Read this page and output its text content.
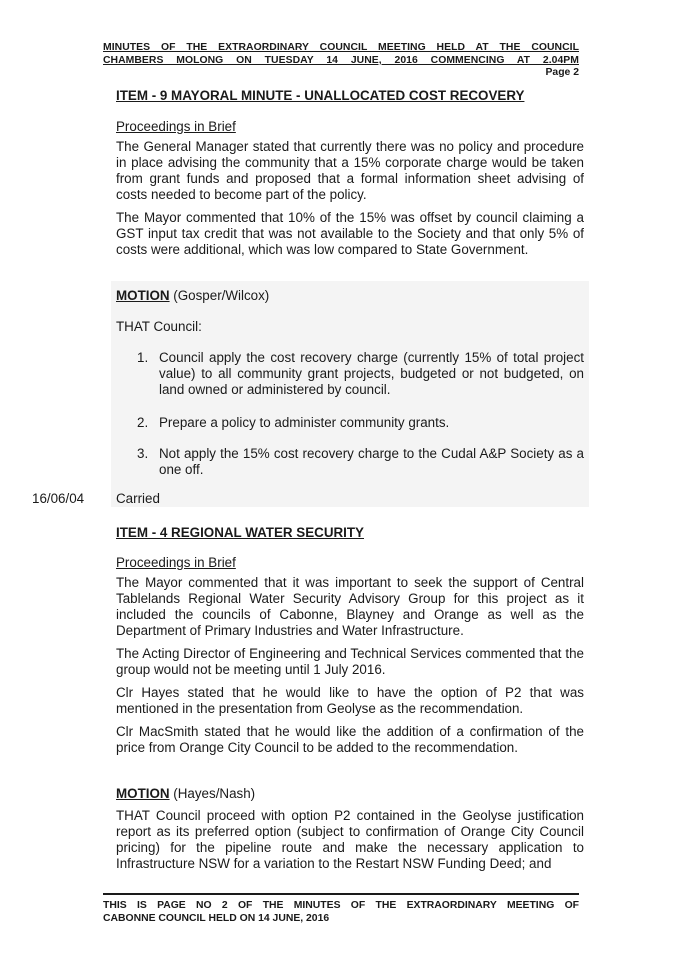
MINUTES OF THE EXTRAORDINARY COUNCIL MEETING HELD AT THE COUNCIL
CHAMBERS MOLONG ON TUESDAY 14 JUNE, 2016 COMMENCING AT 2.04PM
Page 2
ITEM - 9 MAYORAL MINUTE - UNALLOCATED COST RECOVERY
Proceedings in Brief
The General Manager stated that currently there was no policy and procedure in place advising the community that a 15% corporate charge would be taken from grant funds and proposed that a formal information sheet advising of costs needed to become part of the policy.
The Mayor commented that 10% of the 15% was offset by council claiming a GST input tax credit that was not available to the Society and that only 5% of costs were additional, which was low compared to State Government.
MOTION (Gosper/Wilcox)
THAT Council:
1. Council apply the cost recovery charge (currently 15% of total project value) to all community grant projects, budgeted or not budgeted, on land owned or administered by council.
2. Prepare a policy to administer community grants.
3. Not apply the 15% cost recovery charge to the Cudal A&P Society as a one off.
16/06/04 Carried
ITEM - 4 REGIONAL WATER SECURITY
Proceedings in Brief
The Mayor commented that it was important to seek the support of Central Tablelands Regional Water Security Advisory Group for this project as it included the councils of Cabonne, Blayney and Orange as well as the Department of Primary Industries and Water Infrastructure.
The Acting Director of Engineering and Technical Services commented that the group would not be meeting until 1 July 2016.
Clr Hayes stated that he would like to have the option of P2 that was mentioned in the presentation from Geolyse as the recommendation.
Clr MacSmith stated that he would like the addition of a confirmation of the price from Orange City Council to be added to the recommendation.
MOTION (Hayes/Nash)
THAT Council proceed with option P2 contained in the Geolyse justification report as its preferred option (subject to confirmation of Orange City Council pricing) for the pipeline route and make the necessary application to Infrastructure NSW for a variation to the Restart NSW Funding Deed; and
THIS IS PAGE NO 2 OF THE MINUTES OF THE EXTRAORDINARY MEETING OF
CABONNE COUNCIL HELD ON 14 JUNE, 2016
